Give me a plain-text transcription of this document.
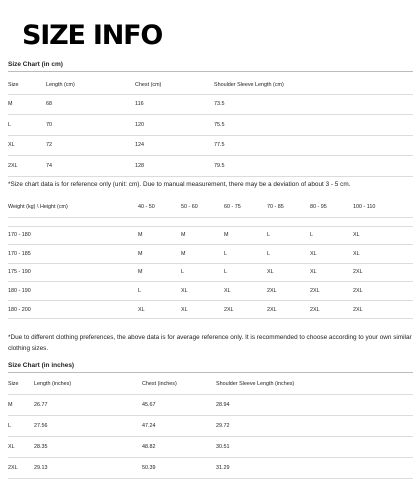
SIZE INFO
Size Chart (in cm)
Size	Length (cm)	Chest (cm)	Shoulder Sleeve Length (cm)
M	68	116	73.5
L	70	120	75.5
XL	72	124	77.5
2XL	74	128	79.5
*Size chart data is for reference only (unit: cm). Due to manual measurement, there may be a deviation of about 3 - 5 cm.
Weight (kg) \ Height (cm)	40 - 50	50 - 60	60 - 75	70 - 85	80 - 95	100 - 110

170 - 180	M	M	M	L	L	XL
170 - 185	M	M	L	L	XL	XL
175 - 190	M	L	L	XL	XL	2XL
180 - 190	L	XL	XL	2XL	2XL	2XL
180 - 200	XL	XL	2XL	2XL	2XL	2XL
*Due to different clothing preferences, the above data is for average reference only. It is recommended to choose according to your own similar clothing sizes.
Size Chart (in inches)
Size	Length (inches)	Chest (inches)	Shoulder Sleeve Length (inches)
M	26.77	45.67	28.94
L	27.56	47.24	29.72
XL	28.35	48.82	30.51
2XL	29.13	50.39	31.29
